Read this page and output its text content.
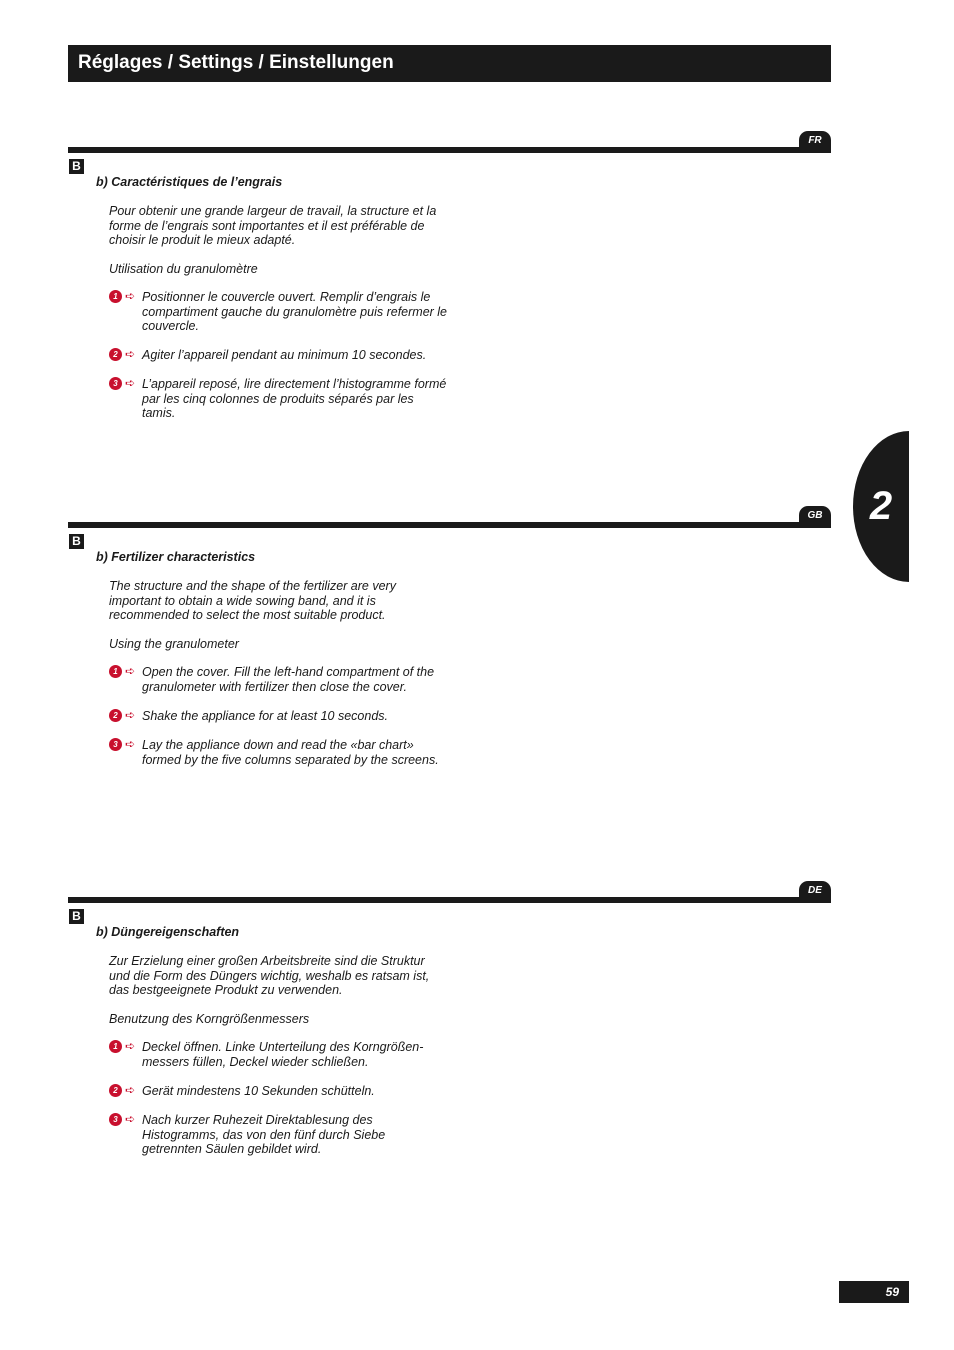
Réglages / Settings / Einstellungen
FR
B
b) Caractéristiques de l’engrais
Pour obtenir une grande largeur de travail, la structure et la forme de l’engrais sont importantes et il est préférable de choisir le produit le mieux adapté.
Utilisation du granulomètre
1 ➪ Positionner le couvercle ouvert. Remplir d’engrais le compartiment gauche du granulomètre puis refermer le couvercle.
2 ➪ Agiter l’appareil pendant au minimum 10 secondes.
3 ➪ L’appareil reposé, lire directement l’histogramme formé par les cinq colonnes de produits séparés par les tamis.
GB
B
b) Fertilizer characteristics
The structure and the shape of the fertilizer are very important to obtain a wide sowing band, and it is recommended to select the most suitable product.
Using the granulometer
1 ➪ Open the cover. Fill the left-hand compartment of the granulometer with fertilizer then close the cover.
2 ➪ Shake the appliance for at least 10 seconds.
3 ➪ Lay the appliance down and read the «bar chart» formed by the five columns separated by the screens.
DE
B
b) Düngereigenschaften
Zur Erzielung einer großen Arbeitsbreite sind die Struktur und die Form des Düngers wichtig, weshalb es ratsam ist, das bestgeeignete Produkt zu verwenden.
Benutzung des Korngrößenmessers
1 ➪ Deckel öffnen. Linke Unterteilung des Korngrößen-messers füllen, Deckel wieder schließen.
2 ➪ Gerät mindestens 10 Sekunden schütteln.
3 ➪ Nach kurzer Ruhezeit Direktablesung des Histogramms, das von den fünf durch Siebe getrennten Säulen gebildet wird.
2
59
